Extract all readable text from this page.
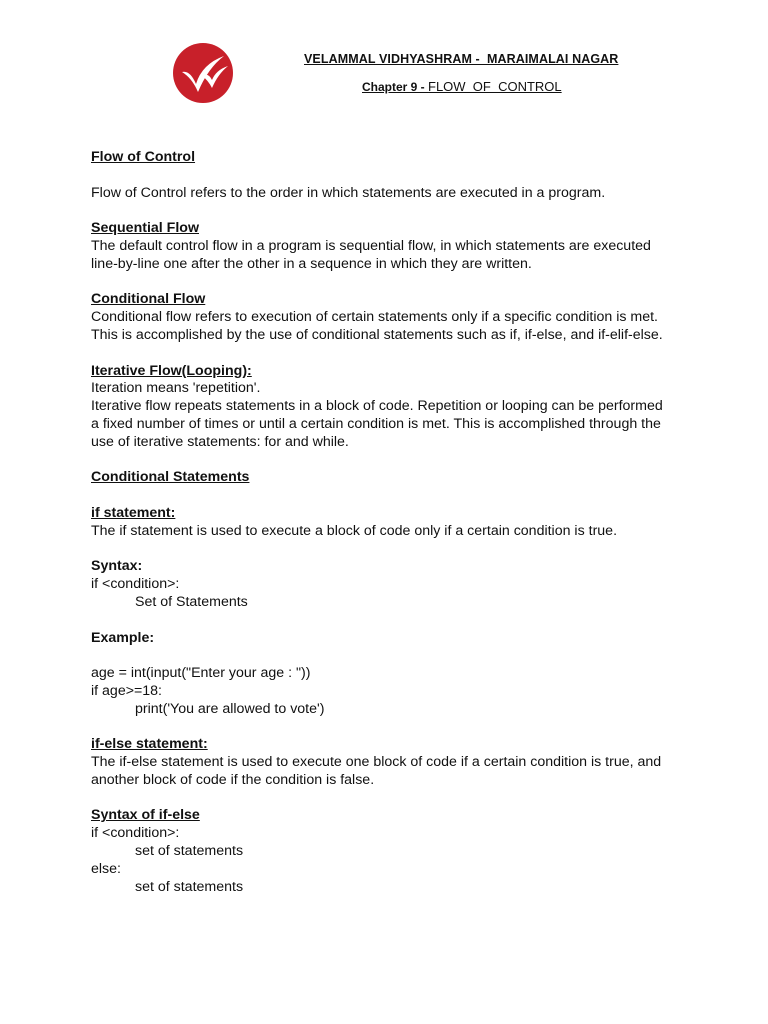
VELAMMAL VIDHYASHRAM -  MARAIMALAI NAGAR
Chapter 9 - FLOW  OF  CONTROL
Flow of Control
Flow of Control refers to the order in which statements are executed in a program.
Sequential Flow
The default control flow in a program is sequential flow, in which statements are executed
line-by-line one after the other in a sequence in which they are written.
Conditional Flow
Conditional flow refers to execution of certain statements only if a specific condition is met.
This is accomplished by the use of conditional statements such as if, if-else, and if-elif-else.
Iterative Flow(Looping):
Iteration means 'repetition'.
Iterative flow repeats statements in a block of code. Repetition or looping can be performed
a fixed number of times or until a certain condition is met. This is accomplished through the
use of iterative statements: for and while.
Conditional Statements
if statement:
The if statement is used to execute a block of code only if a certain condition is true.
Syntax:
if <condition>:
Set of Statements
Example:
age = int(input("Enter your age : "))
if age>=18:
print('You are allowed to vote')
if-else statement:
The if-else statement is used to execute one block of code if a certain condition is true, and
another block of code if the condition is false.
Syntax of if-else
if <condition>:
set of statements
else:
set of statements
